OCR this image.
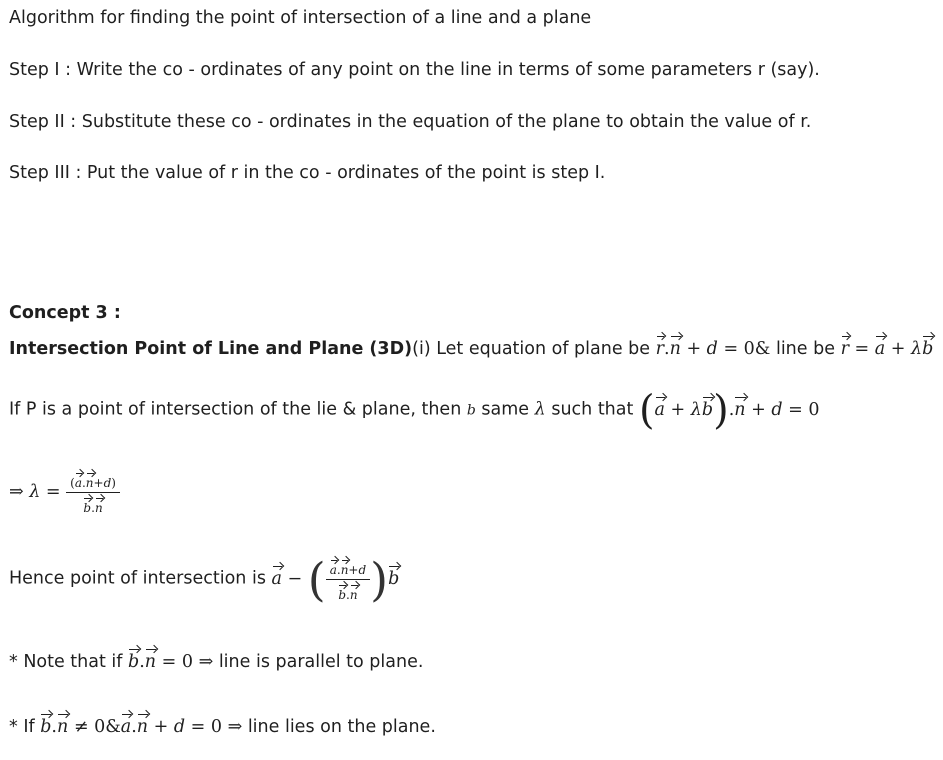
Algorithm for finding the point of intersection of a line and a plane
Step I : Write the co - ordinates of any point on the line in terms of some parameters r (say).
Step II : Substitute these co - ordinates in the equation of the plane to obtain the value of r.
Step III : Put the value of r in the co - ordinates of the point is step I.
Concept 3 :
Intersection Point of Line and Plane (3D)(i) Let equation of plane be r.n + d = 0& line be r = a + λb
If P is a point of intersection of the lie & plane, then b same λ such that (a + λb).n + d = 0
⇒ $\lambda = \frac{(a.n+d)}{b.n}$
Hence point of intersection is a − ( $\frac{a.n+d}{b.n} )b$
* Note that if b.n = 0 ⇒ line is parallel to plane.
* If b.n ≠ 0&a.n + d = 0 ⇒ line lies on the plane.
